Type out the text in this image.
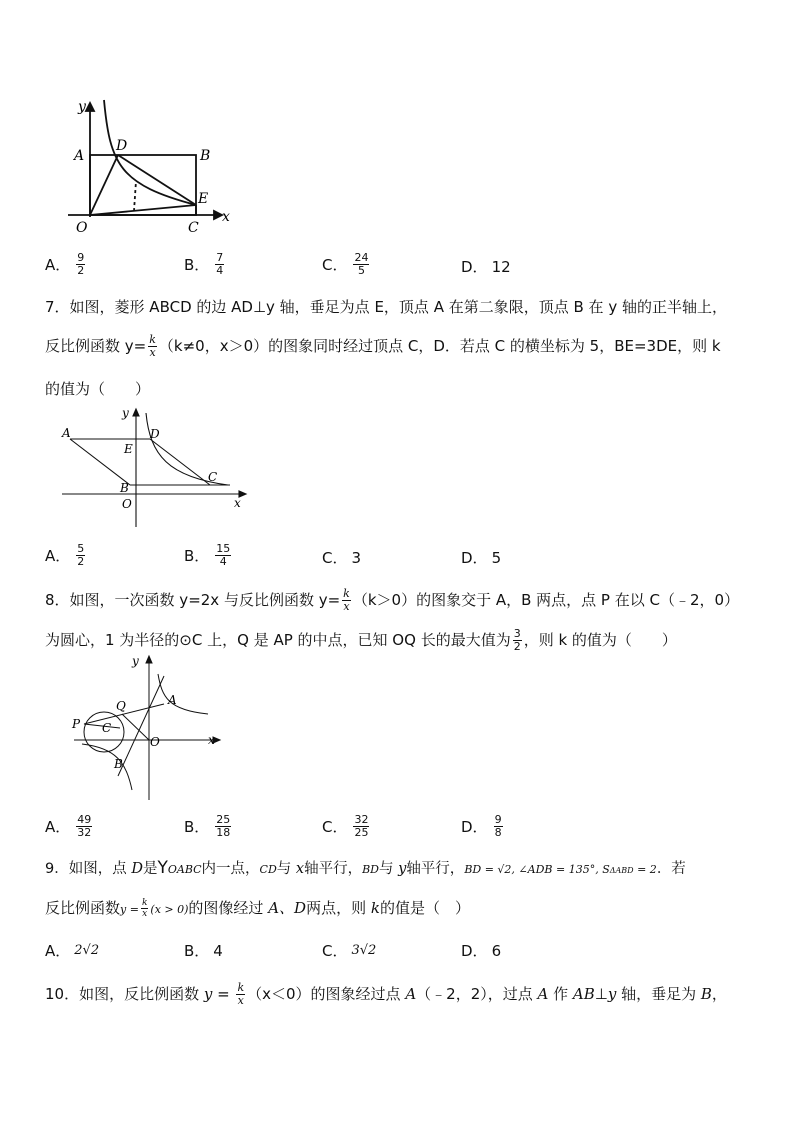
y
x
A	B
D
E
O	C
A． $\frac{9}{2}$	B． $\frac{7}{4}$	C． $\frac{24}{5}$	D． 12
7．如图，菱形 ABCD 的边 AD⊥y 轴，垂足为点 E，顶点 A 在第二象限，顶点 B 在 y 轴的正半轴上，
反比例函数 $y= \frac{k}{x} (k\ne 0$，x＞0）的图象同时经过顶点 C，D．若点 C 的横坐标为 5，BE=3DE，则 k
的值为（　　）
y
x
A	D
E
C
B
O
A． $\frac{5}{2}$	B． $\frac{15}{4}$	C． 3	D． 5
8．如图，一次函数 y=2x 与反比例函数 $y= \frac{k}{x} (k>0)$的图象交于 A，B 两点，点 P 在以 C（﹣2，0）
为圆心，1 为半径的⊙C 上，Q 是 AP 的中点，已知 OQ 长的最大值为 $\frac{3}{2}$ ，则 k 的值为（　　）
y
x
A
Q
P C
O
B
A． $\frac{49}{32}$	B． $\frac{25}{18}$	C． $\frac{32}{25}$	D． $\frac{9}{8}$
9．如图，点 D是YOABC内一点，CD与 x轴平行，BD与 y轴平行，BD = √2, ∠ADB = 135°, SΔABD = 2．若
反比例函数$y = \frac{k}{x} (x > 0)$的图像经过 A、D两点，则 k的值是（　）
A． 2√2	B． 4	C． 3√2	D． 6
10．如图，反比例函数 $y = \frac{k}{x} (x<0)$的图象经过点 A（﹣2，2），过点 A 作 AB⊥y 轴，垂足为 B，
